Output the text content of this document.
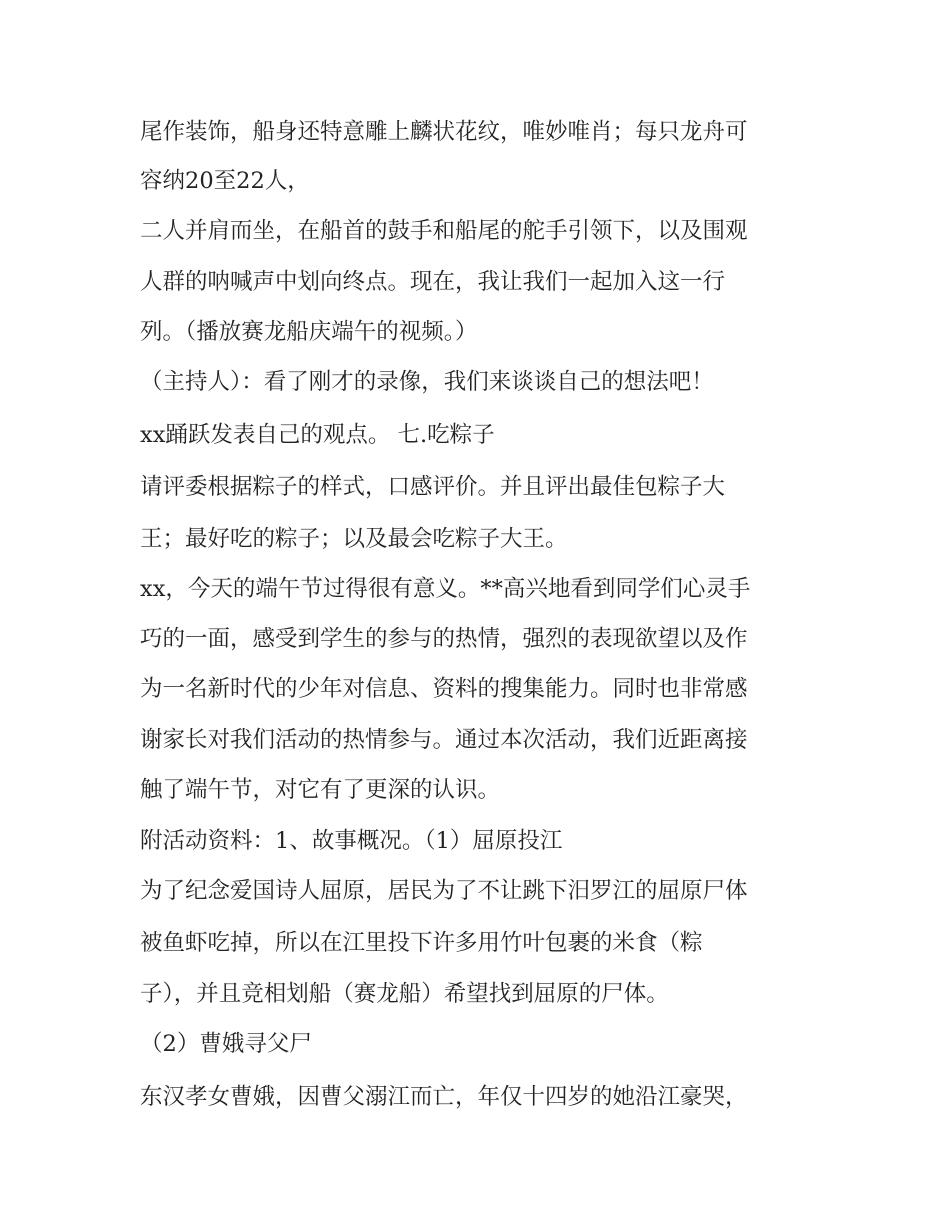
尾作装饰，船身还特意雕上麟状花纹，唯妙唯肖；每只龙舟可
容纳20至22人，
二人并肩而坐，在船首的鼓手和船尾的舵手引领下，以及围观
人群的呐喊声中划向终点。现在，我让我们一起加入这一行
列。（播放赛龙船庆端午的视频。）
（主持人）：看了刚才的录像，我们来谈谈自己的想法吧！
xx踊跃发表自己的观点。 七.吃粽子
请评委根据粽子的样式，口感评价。并且评出最佳包粽子大
王；最好吃的粽子；以及最会吃粽子大王。
xx，今天的端午节过得很有意义。**高兴地看到同学们心灵手
巧的一面，感受到学生的参与的热情，强烈的表现欲望以及作
为一名新时代的少年对信息、资料的搜集能力。同时也非常感
谢家长对我们活动的热情参与。通过本次活动，我们近距离接
触了端午节，对它有了更深的认识。
附活动资料：1、故事概况。（1）屈原投江
为了纪念爱国诗人屈原，居民为了不让跳下汨罗江的屈原尸体
被鱼虾吃掉，所以在江里投下许多用竹叶包裹的米食（粽
子），并且竞相划船（赛龙船）希望找到屈原的尸体。
（2）曹娥寻父尸
东汉孝女曹娥，因曹父溺江而亡，年仅十四岁的她沿江豪哭，
